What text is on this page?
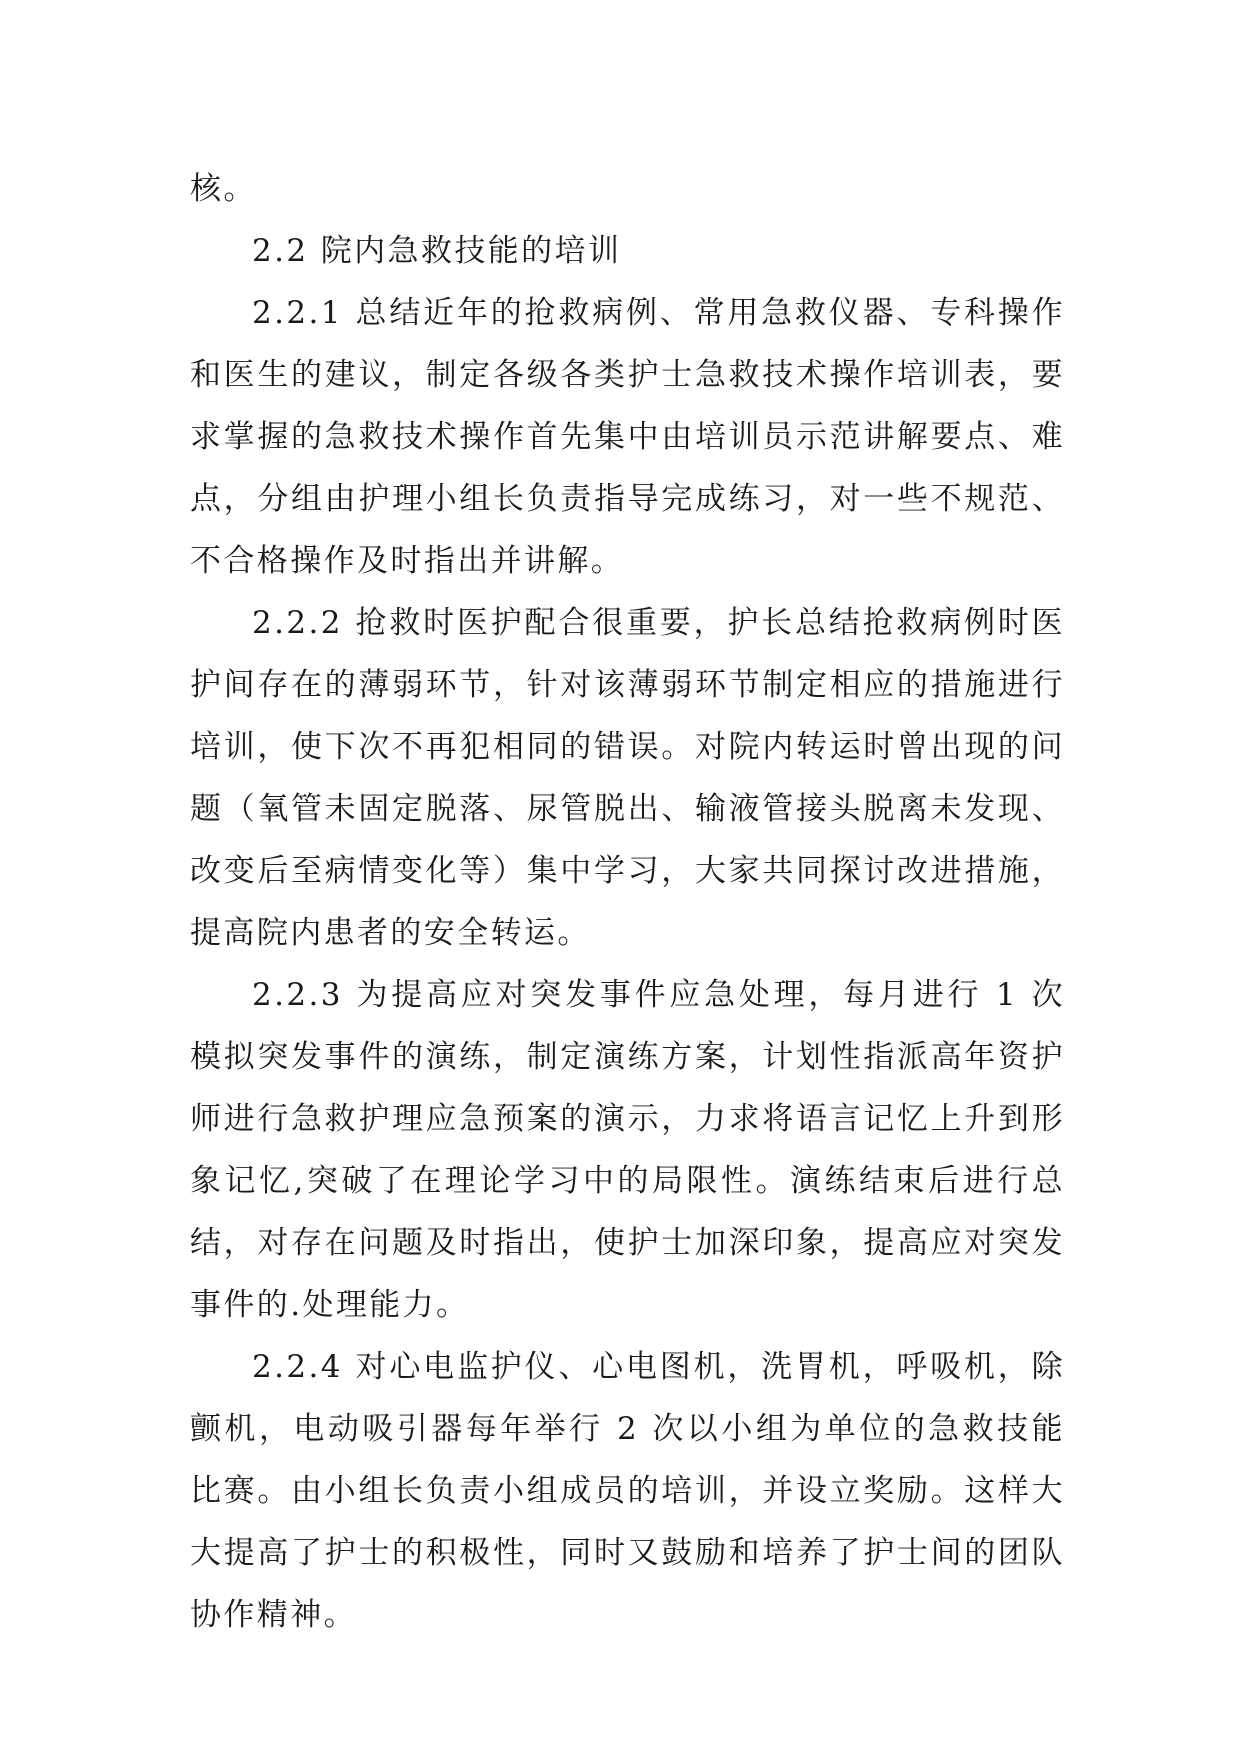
核。

2.2 院内急救技能的培训

2.2.1 总结近年的抢救病例、常用急救仪器、专科操作和医生的建议，制定各级各类护士急救技术操作培训表，要求掌握的急救技术操作首先集中由培训员示范讲解要点、难点，分组由护理小组长负责指导完成练习，对一些不规范、不合格操作及时指出并讲解。

2.2.2 抢救时医护配合很重要，护长总结抢救病例时医护间存在的薄弱环节，针对该薄弱环节制定相应的措施进行培训，使下次不再犯相同的错误。对院内转运时曾出现的问题（氧管未固定脱落、尿管脱出、输液管接头脱离未发现、改变后至病情变化等）集中学习，大家共同探讨改进措施，提高院内患者的安全转运。

2.2.3 为提高应对突发事件应急处理，每月进行 1 次模拟突发事件的演练，制定演练方案，计划性指派高年资护师进行急救护理应急预案的演示，力求将语言记忆上升到形象记忆,突破了在理论学习中的局限性。演练结束后进行总结，对存在问题及时指出，使护士加深印象，提高应对突发事件的.处理能力。

2.2.4 对心电监护仪、心电图机，洗胃机，呼吸机，除颤机，电动吸引器每年举行 2 次以小组为单位的急救技能比赛。由小组长负责小组成员的培训，并设立奖励。这样大大提高了护士的积极性，同时又鼓励和培养了护士间的团队协作精神。
